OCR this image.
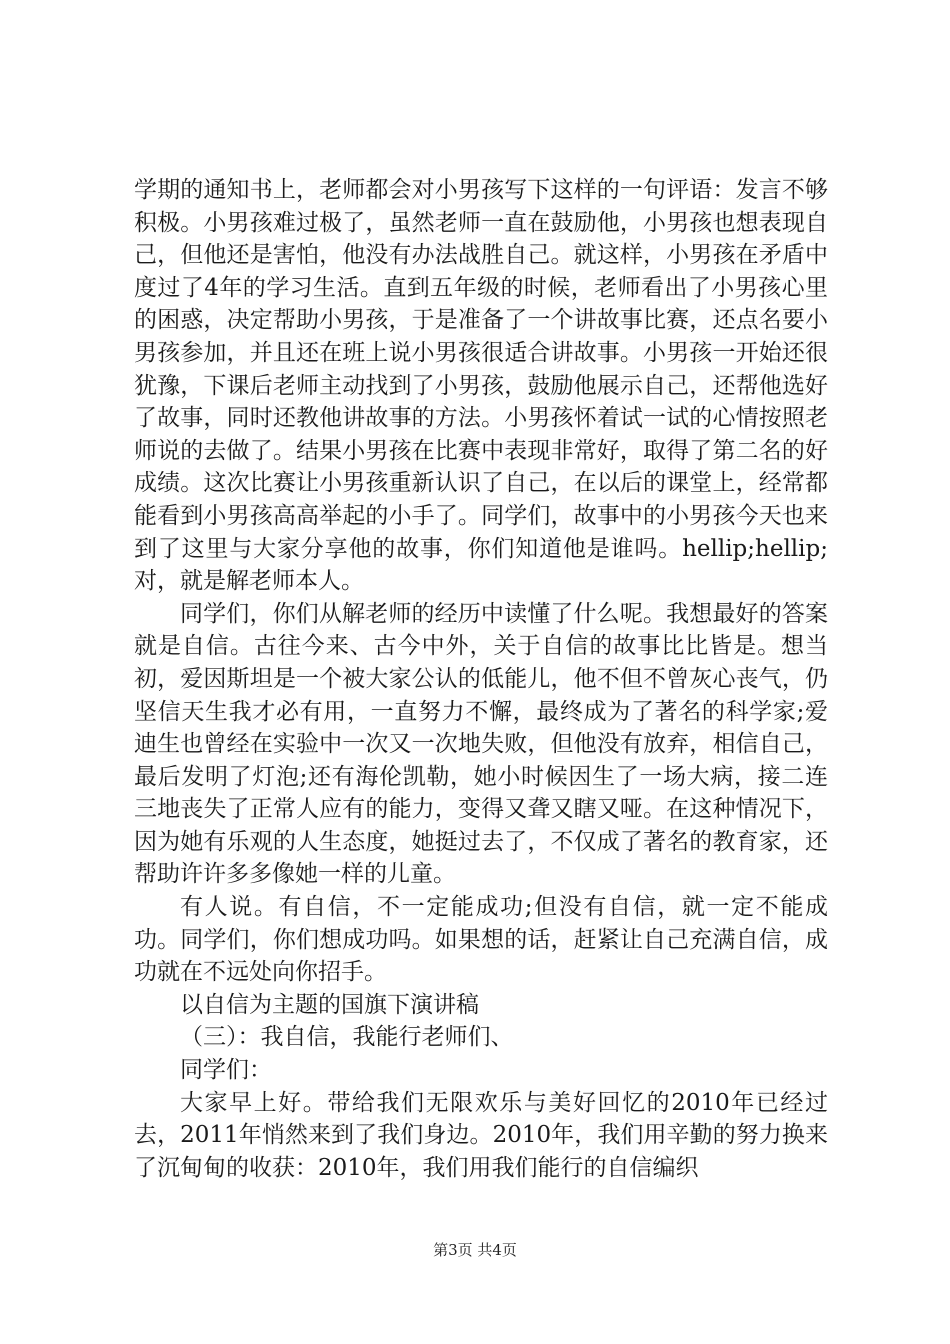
学期的通知书上，老师都会对小男孩写下这样的一句评语：发言不够积极。小男孩难过极了，虽然老师一直在鼓励他，小男孩也想表现自己，但他还是害怕，他没有办法战胜自己。就这样，小男孩在矛盾中度过了4年的学习生活。直到五年级的时候，老师看出了小男孩心里的困惑，决定帮助小男孩，于是准备了一个讲故事比赛，还点名要小男孩参加，并且还在班上说小男孩很适合讲故事。小男孩一开始还很犹豫，下课后老师主动找到了小男孩，鼓励他展示自己，还帮他选好了故事，同时还教他讲故事的方法。小男孩怀着试一试的心情按照老师说的去做了。结果小男孩在比赛中表现非常好，取得了第二名的好成绩。这次比赛让小男孩重新认识了自己，在以后的课堂上，经常都能看到小男孩高高举起的小手了。同学们，故事中的小男孩今天也来到了这里与大家分享他的故事，你们知道他是谁吗。hellip;hellip;对，就是解老师本人。

同学们，你们从解老师的经历中读懂了什么呢。我想最好的答案就是自信。古往今来、古今中外，关于自信的故事比比皆是。想当初，爱因斯坦是一个被大家公认的低能儿，他不但不曾灰心丧气，仍坚信天生我才必有用，一直努力不懈，最终成为了著名的科学家;爱迪生也曾经在实验中一次又一次地失败，但他没有放弃，相信自己，最后发明了灯泡;还有海伦凯勒，她小时候因生了一场大病，接二连三地丧失了正常人应有的能力，变得又聋又瞎又哑。在这种情况下，因为她有乐观的人生态度，她挺过去了，不仅成了著名的教育家，还帮助许许多多像她一样的儿童。

有人说。有自信，不一定能成功;但没有自信，就一定不能成功。同学们，你们想成功吗。如果想的话，赶紧让自己充满自信，成功就在不远处向你招手。

以自信为主题的国旗下演讲稿

（三）：我自信，我能行老师们、

同学们：

大家早上好。带给我们无限欢乐与美好回忆的2010年已经过去，2011年悄然来到了我们身边。2010年，我们用辛勤的努力换来了沉甸甸的收获：2010年，我们用我们能行的自信编织

第3页 共4页
